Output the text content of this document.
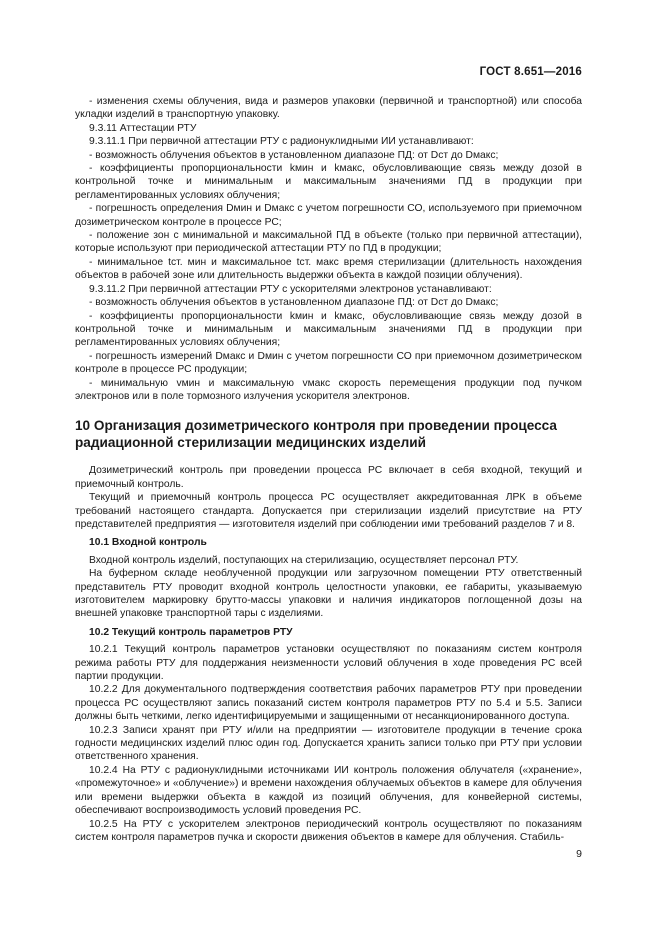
ГОСТ 8.651—2016

- изменения схемы облучения, вида и размеров упаковки (первичной и транспортной) или способа укладки изделий в транспортную упаковку.

9.3.11 Аттестации РТУ

9.3.11.1 При первичной аттестации РТУ с радионуклидными ИИ устанавливают:

- возможность облучения объектов в установленном диапазоне ПД: от Dст до Dмакс;

- коэффициенты пропорциональности kмин и kмакс, обусловливающие связь между дозой в контрольной точке и минимальным и максимальным значениями ПД в продукции при регламентированных условиях облучения;

- погрешность определения Dмин и Dмакс с учетом погрешности СО, используемого при приемочном дозиметрическом контроле в процессе РС;

- положение зон с минимальной и максимальной ПД в объекте (только при первичной аттестации), которые используют при периодической аттестации РТУ по ПД в продукции;

- минимальное tст. мин и максимальное tст. макс время стерилизации (длительность нахождения объектов в рабочей зоне или длительность выдержки объекта в каждой позиции облучения).

9.3.11.2 При первичной аттестации РТУ с ускорителями электронов устанавливают:

- возможность облучения объектов в установленном диапазоне ПД: от Dст до Dмакс;

- коэффициенты пропорциональности kмин и kмакс, обусловливающие связь между дозой в контрольной точке и минимальным и максимальным значениями ПД в продукции при регламентированных условиях облучения;

- погрешность измерений Dмакс и Dмин с учетом погрешности СО при приемочном дозиметрическом контроле в процессе РС продукции;

- минимальную vмин и максимальную vмакс скорость перемещения продукции под пучком электронов или в поле тормозного излучения ускорителя электронов.

10 Организация дозиметрического контроля при проведении процесса радиационной стерилизации медицинских изделий

Дозиметрический контроль при проведении процесса РС включает в себя входной, текущий и приемочный контроль.

Текущий и приемочный контроль процесса РС осуществляет аккредитованная ЛРК в объеме требований настоящего стандарта. Допускается при стерилизации изделий присутствие на РТУ представителей предприятия — изготовителя изделий при соблюдении ими требований разделов 7 и 8.

10.1 Входной контроль

Входной контроль изделий, поступающих на стерилизацию, осуществляет персонал РТУ.

На буферном складе необлученной продукции или загрузочном помещении РТУ ответственный представитель РТУ проводит входной контроль целостности упаковки, ее габариты, указываемую изготовителем маркировку брутто-массы упаковки и наличия индикаторов поглощенной дозы на внешней упаковке транспортной тары с изделиями.

10.2 Текущий контроль параметров РТУ

10.2.1 Текущий контроль параметров установки осуществляют по показаниям систем контроля режима работы РТУ для поддержания неизменности условий облучения в ходе проведения РС всей партии продукции.

10.2.2 Для документального подтверждения соответствия рабочих параметров РТУ при проведении процесса РС осуществляют запись показаний систем контроля параметров РТУ по 5.4 и 5.5. Записи должны быть четкими, легко идентифицируемыми и защищенными от несанкционированного доступа.

10.2.3 Записи хранят при РТУ и/или на предприятии — изготовителе продукции в течение срока годности медицинских изделий плюс один год. Допускается хранить записи только при РТУ при условии ответственного хранения.

10.2.4 На РТУ с радионуклидными источниками ИИ контроль положения облучателя («хранение», «промежуточное» и «облучение») и времени нахождения облучаемых объектов в камере для облучения или времени выдержки объекта в каждой из позиций облучения, для конвейерной системы, обеспечивают воспроизводимость условий проведения РС.

10.2.5 На РТУ с ускорителем электронов периодический контроль осуществляют по показаниям систем контроля параметров пучка и скорости движения объектов в камере для облучения. Стабиль-

9
